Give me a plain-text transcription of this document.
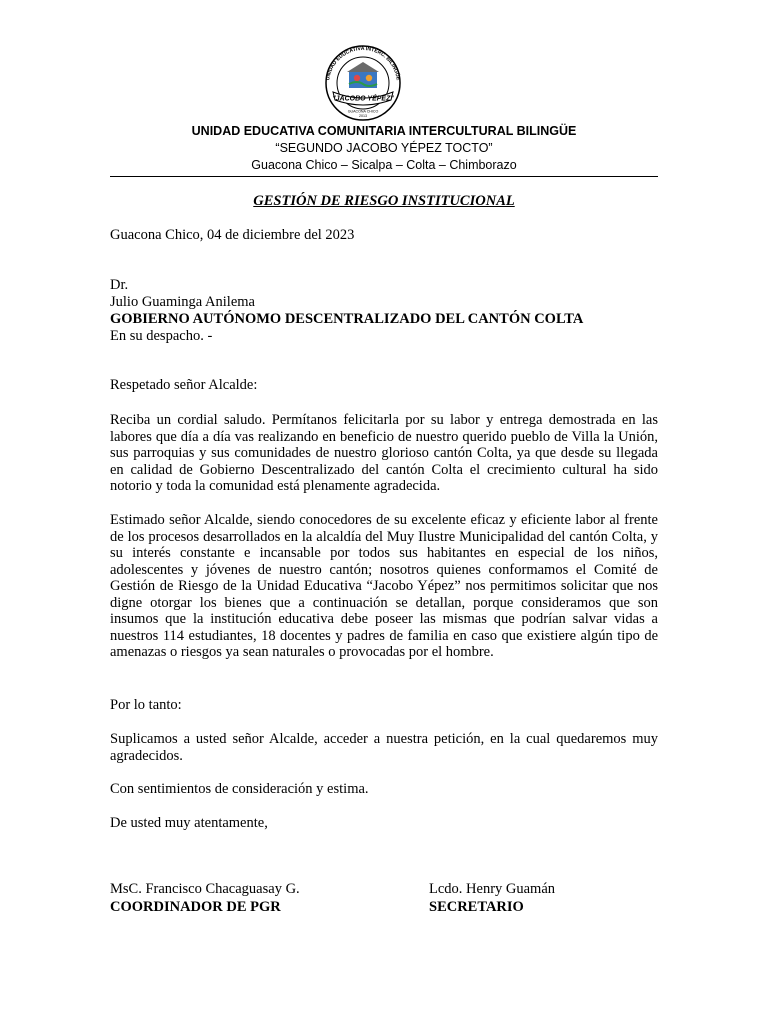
UNIDAD EDUCATIVA INTERC. BILINGÜE
"JACOBO YÉPEZ"
GUACONA CHICO
2013
UNIDAD EDUCATIVA COMUNITARIA INTERCULTURAL BILINGÜE
“SEGUNDO JACOBO YÉPEZ TOCTO”
Guacona Chico – Sicalpa – Colta – Chimborazo
GESTIÓN DE RIESGO INSTITUCIONAL
Guacona Chico, 04 de diciembre del 2023
Dr.
Julio Guaminga Anilema
GOBIERNO AUTÓNOMO DESCENTRALIZADO DEL CANTÓN COLTA
En su despacho. -
Respetado señor Alcalde:
Reciba un cordial saludo. Permítanos felicitarla por su labor y entrega demostrada en las labores que día a día vas realizando en beneficio de nuestro querido pueblo de Villa la Unión, sus parroquias y sus comunidades de nuestro glorioso cantón Colta, ya que desde su llegada en calidad de Gobierno Descentralizado del cantón Colta el crecimiento cultural ha sido notorio y toda la comunidad está plenamente agradecida.
Estimado señor Alcalde, siendo conocedores de su excelente eficaz y eficiente labor al frente de los procesos desarrollados en la alcaldía del Muy Ilustre Municipalidad del cantón Colta, y su interés constante e incansable por todos sus habitantes en especial de los niños, adolescentes y jóvenes de nuestro cantón; nosotros quienes conformamos el Comité de Gestión de Riesgo de la Unidad Educativa “Jacobo Yépez” nos permitimos solicitar que nos digne otorgar los bienes que a continuación se detallan, porque consideramos que son insumos que la institución educativa debe poseer las mismas que podrían salvar vidas a nuestros 114 estudiantes, 18 docentes y padres de familia en caso que existiere algún tipo de amenazas o riesgos ya sean naturales o provocadas por el hombre.
Por lo tanto:
Suplicamos a usted señor Alcalde, acceder a nuestra petición, en la cual quedaremos muy agradecidos.
Con sentimientos de consideración y estima.
De usted muy atentamente,
MsC. Francisco Chacaguasay G.
COORDINADOR DE PGR
Lcdo. Henry Guamán
SECRETARIO
